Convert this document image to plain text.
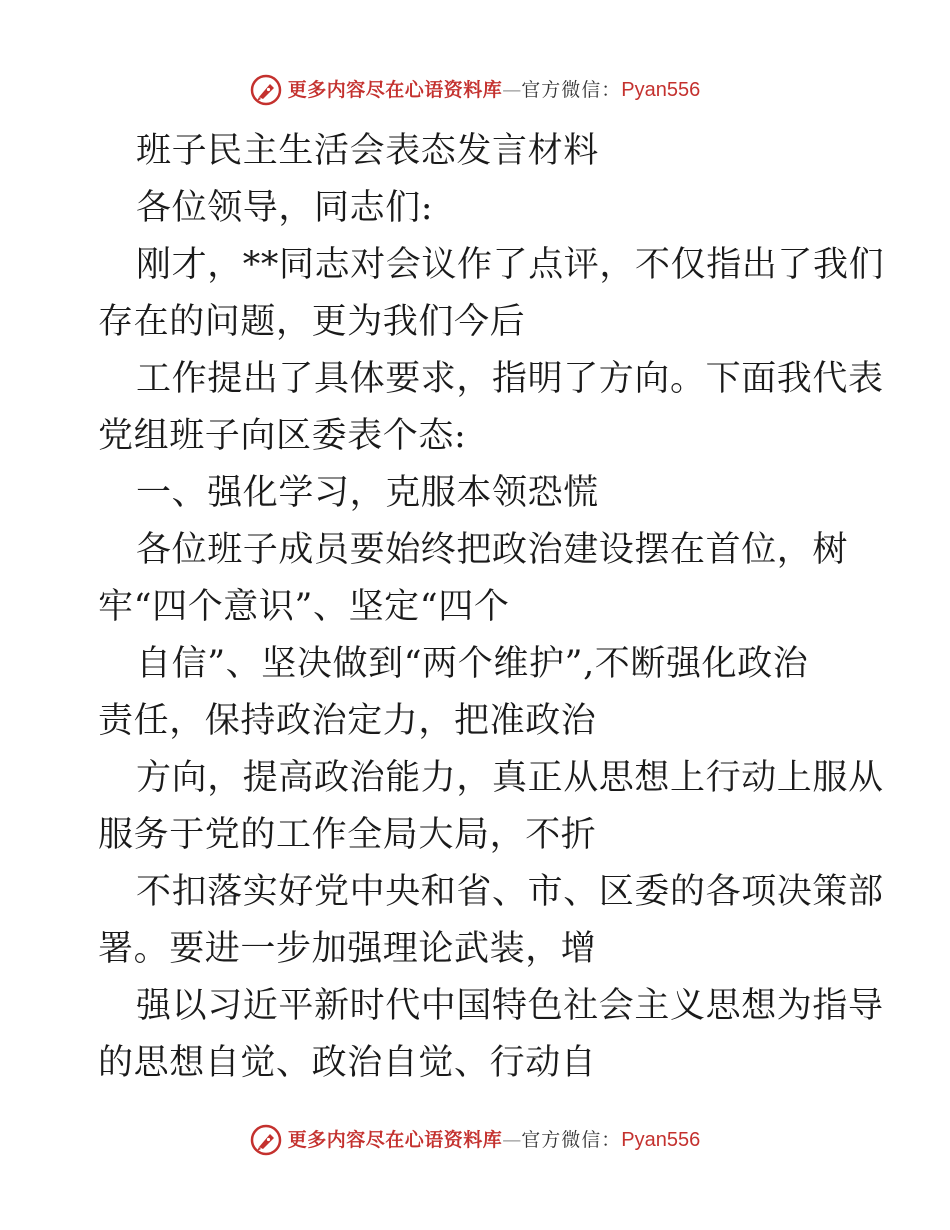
更多内容尽在心语资料库 — 官方微信： Pyan556
班子民主生活会表态发言材料
各位领导，同志们:
刚才，**同志对会议作了点评，不仅指出了我们
存在的问题，更为我们今后
工作提出了具体要求，指明了方向。下面我代表
党组班子向区委表个态:
一、强化学习，克服本领恐慌
各位班子成员要始终把政治建设摆在首位，树
牢“四个意识”、坚定“四个
自信”、坚决做到“两个维护”,不断强化政治
责任，保持政治定力，把准政治
方向，提高政治能力，真正从思想上行动上服从
服务于党的工作全局大局，不折
不扣落实好党中央和省、市、区委的各项决策部
署。要进一步加强理论武装，增
强以习近平新时代中国特色社会主义思想为指导
的思想自觉、政治自觉、行动自
更多内容尽在心语资料库 — 官方微信： Pyan556
